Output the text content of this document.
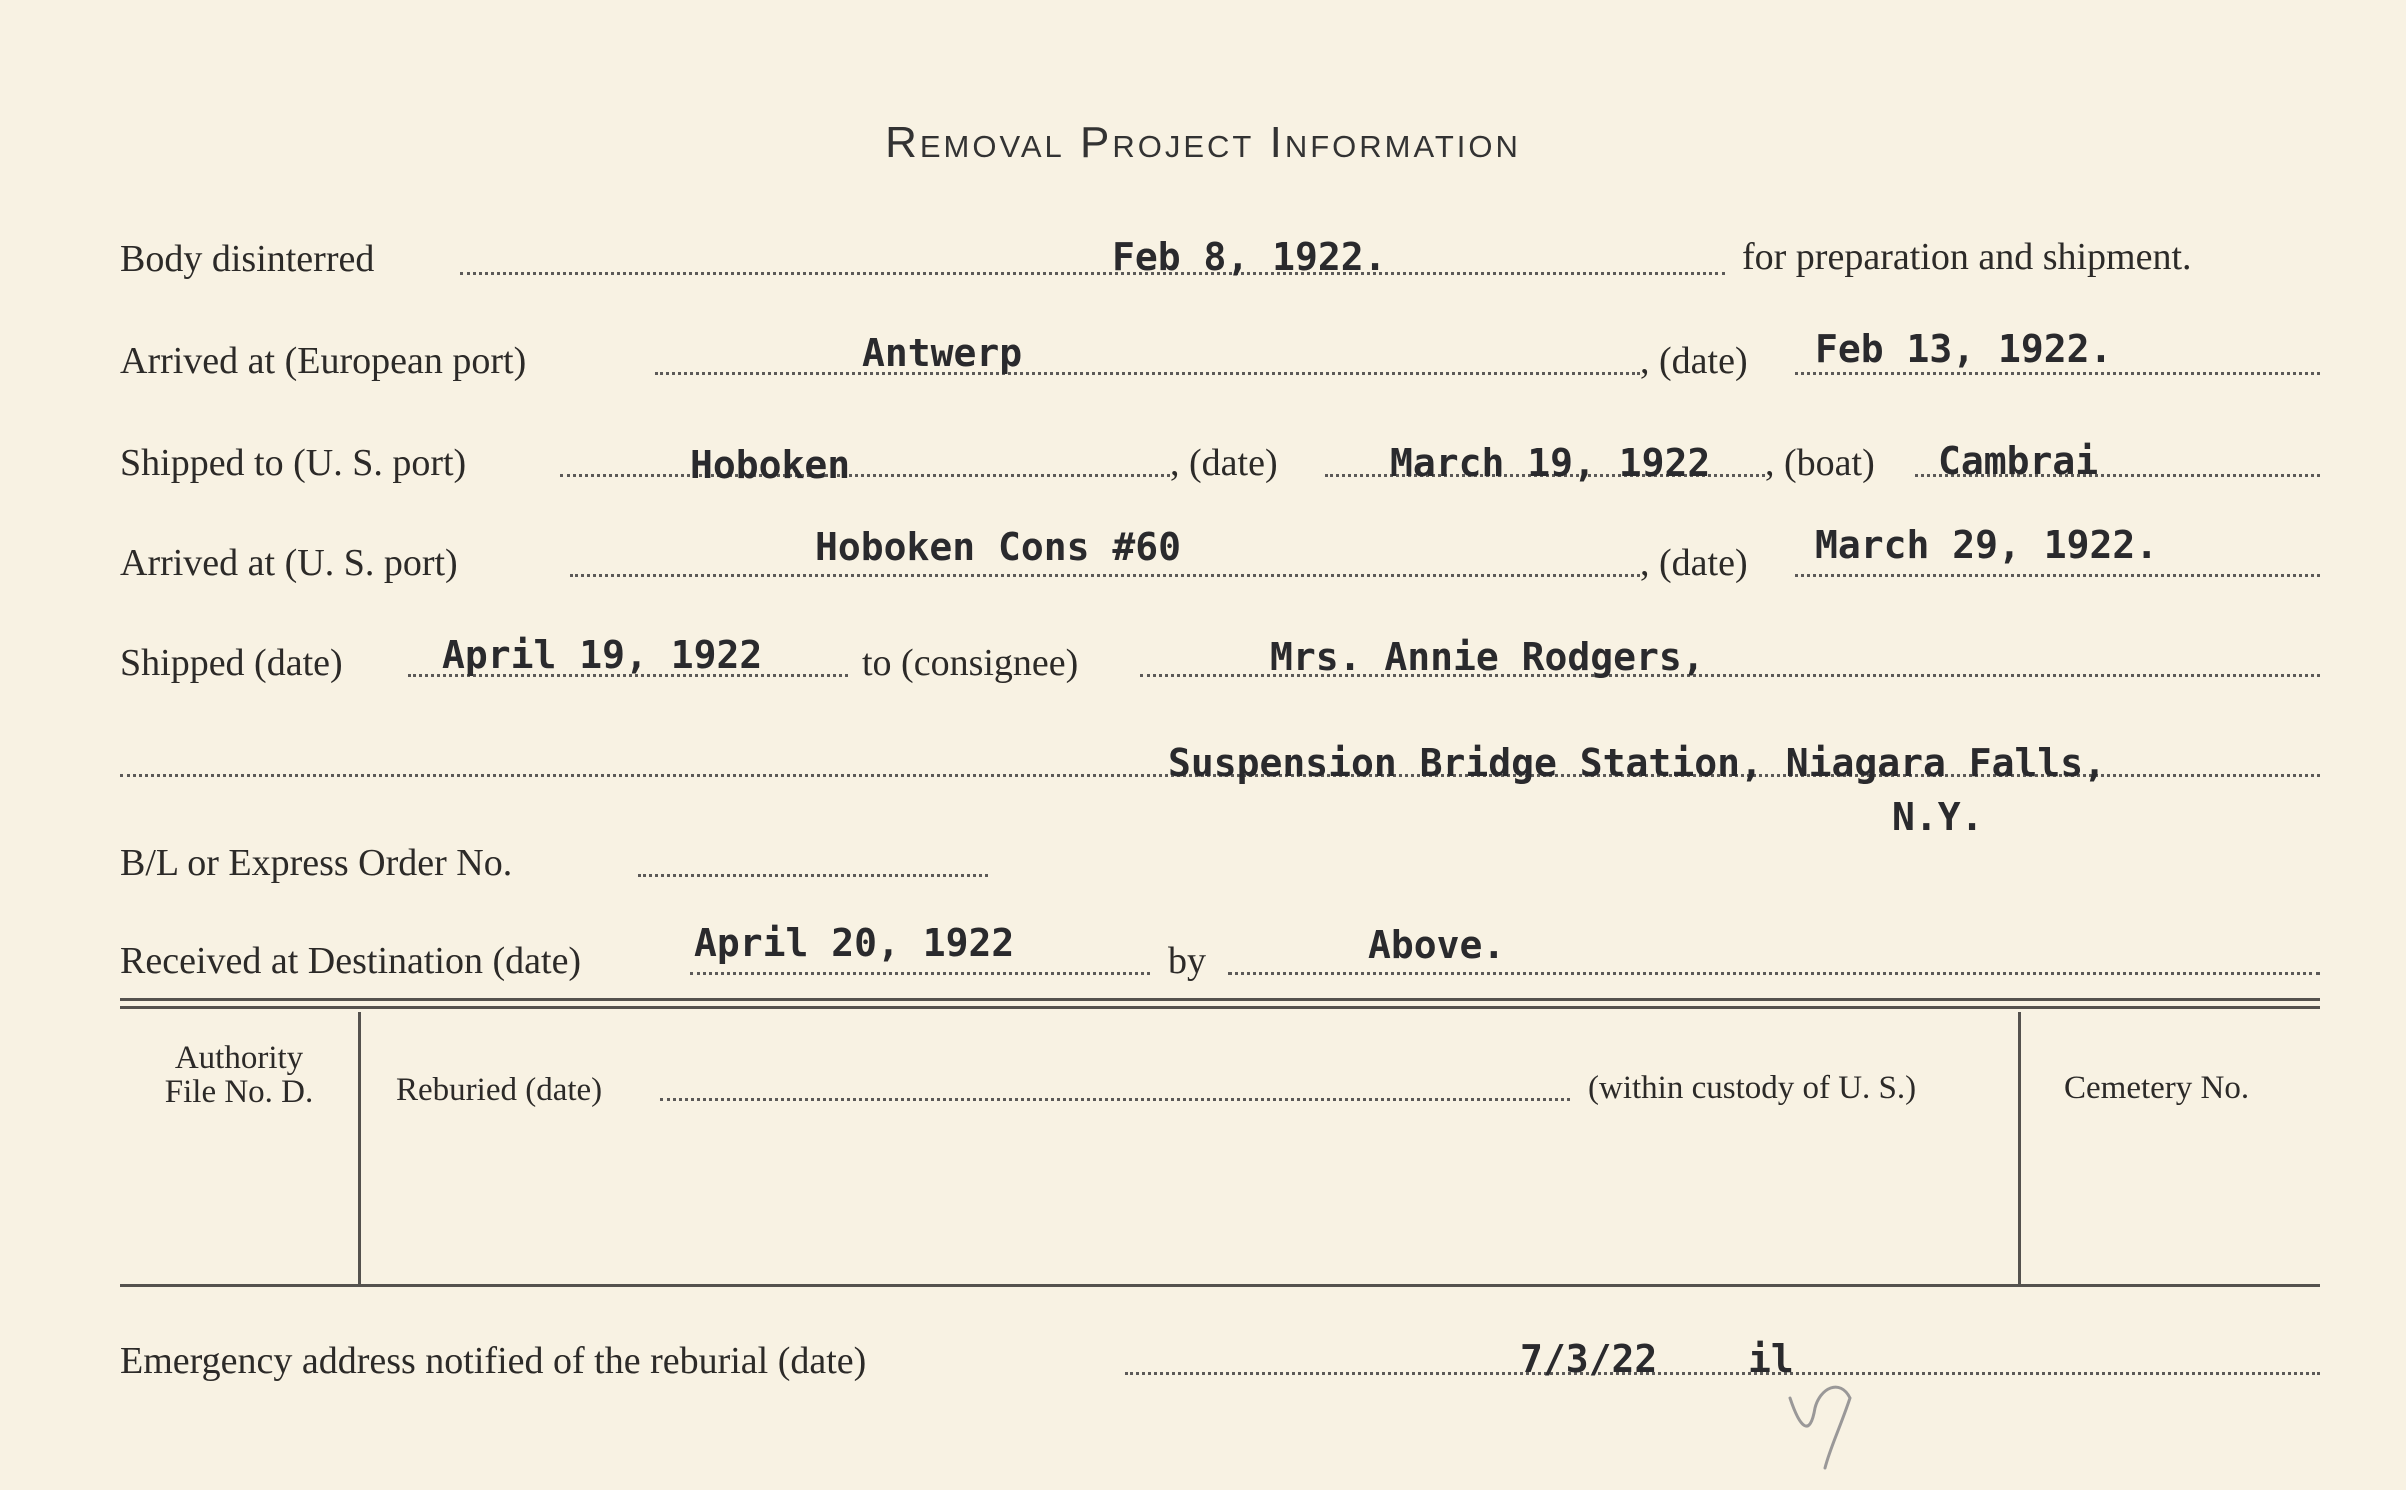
Removal Project Information
Body disinterred	Feb 8, 1922.	for preparation and shipment.
Arrived at (European port)	Antwerp	, (date) Feb 13, 1922.
Shipped to (U. S. port)	Hoboken	, (date)	March 19, 1922 , (boat) Cambrai
Arrived at (U. S. port)	Hoboken Cons #60	, (date) March 29, 1922.
Shipped (date)	April 19, 1922	to (consignee)	Mrs. Annie Rodgers,
Suspension Bridge Station, Niagara Falls,
N.Y.
B/L or Express Order No.
Received at Destination (date)	April 20, 1922	by	Above.
Authority
File No. D.	Reburied (date)	(within custody of U. S.)	Cemetery No.
Emergency address notified of the reburial (date)	7/3/22 il
